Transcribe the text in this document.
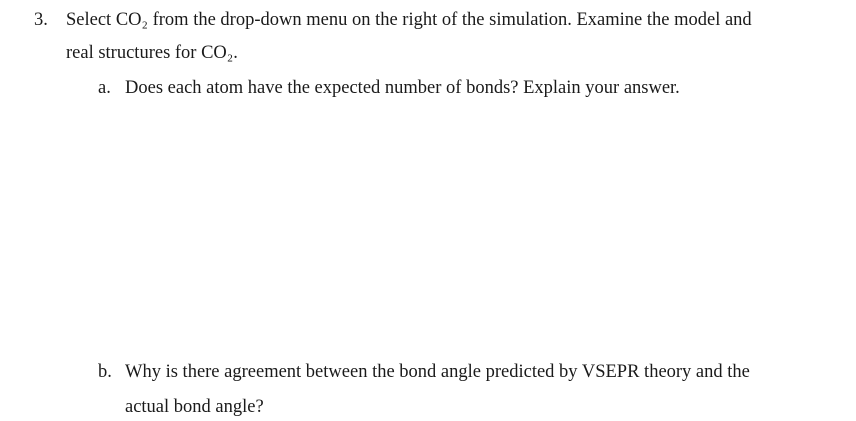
3. Select CO₂ from the drop-down menu on the right of the simulation. Examine the model and
real structures for CO₂.
a. Does each atom have the expected number of bonds? Explain your answer.
b. Why is there agreement between the bond angle predicted by VSEPR theory and the
actual bond angle?
